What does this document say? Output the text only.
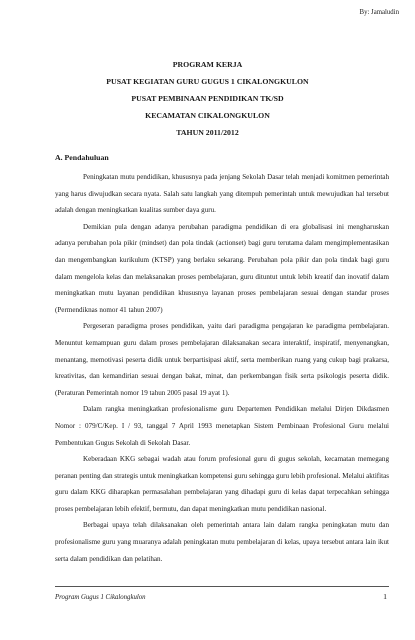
By: Jamaludin
PROGRAM KERJA
PUSAT KEGIATAN GURU GUGUS 1 CIKALONGKULON
PUSAT PEMBINAAN PENDIDIKAN TK/SD
KECAMATAN CIKALONGKULON
TAHUN 2011/2012
A. Pendahuluan

Peningkatan mutu pendidikan, khususnya pada jenjang Sekolah Dasar telah menjadi komitmen pemerintah yang harus diwujudkan secara nyata. Salah satu langkah yang ditempuh pemerintah untuk mewujudkan hal tersebut adalah dengan meningkatkan kualitas sumber daya guru.

Demikian pula dengan adanya perubahan paradigma pendidikan di era globalisasi ini mengharuskan adanya perubahan pola pikir (mindset) dan pola tindak (actionset) bagi guru terutama dalam mengimplementasikan dan mengembangkan kurikulum (KTSP) yang berlaku sekarang. Perubahan pola pikir dan pola tindak bagi guru dalam mengelola kelas dan melaksanakan proses pembelajaran, guru dituntut untuk lebih kreatif dan inovatif dalam meningkatkan mutu layanan pendidikan khususnya layanan proses pembelajaran sesuai dengan standar proses (Permendiknas nomor 41 tahun 2007)

Pergeseran paradigma proses pendidikan, yaitu dari paradigma pengajaran ke paradigma pembelajaran. Menuntut kemampuan guru dalam proses pembelajaran dilaksanakan secara interaktif, inspiratif, menyenangkan, menantang, memotivasi peserta didik untuk berpartisipasi aktif, serta memberikan ruang yang cukup bagi prakarsa, kreativitas, dan kemandirian sesuai dengan bakat, minat, dan perkembangan fisik serta psikologis peserta didik. (Peraturan Pemerintah nomor 19 tahun 2005 pasal 19 ayat 1).

Dalam rangka meningkatkan profesionalisme guru Departemen Pendidikan melalui Dirjen Dikdasmen Nomor : 079/C/Kep. I / 93, tanggal 7 April 1993 menetapkan Sistem Pembinaan Profesional Guru melalui Pembentukan Gugus Sekolah di Sekolah Dasar.

Keberadaan KKG sebagai wadah atau forum profesional guru di gugus sekolah, kecamatan memegang peranan penting dan strategis untuk meningkatkan kompetensi guru sehingga guru lebih profesional. Melalui aktifitas guru dalam KKG diharapkan permasalahan pembelajaran yang dihadapi guru di kelas dapat terpecahkan sehingga proses pembelajaran lebih efektif, bermutu, dan dapat meningkatkan mutu pendidikan nasional.

Berbagai upaya telah dilaksanakan oleh pemerintah antara lain dalam rangka peningkatan mutu dan profesionalisme guru yang muaranya adalah peningkatan mutu pembelajaran di kelas, upaya tersebut antara lain ikut serta dalam pendidikan dan pelatihan.

Program Gugus 1 Cikalongkulon	1
